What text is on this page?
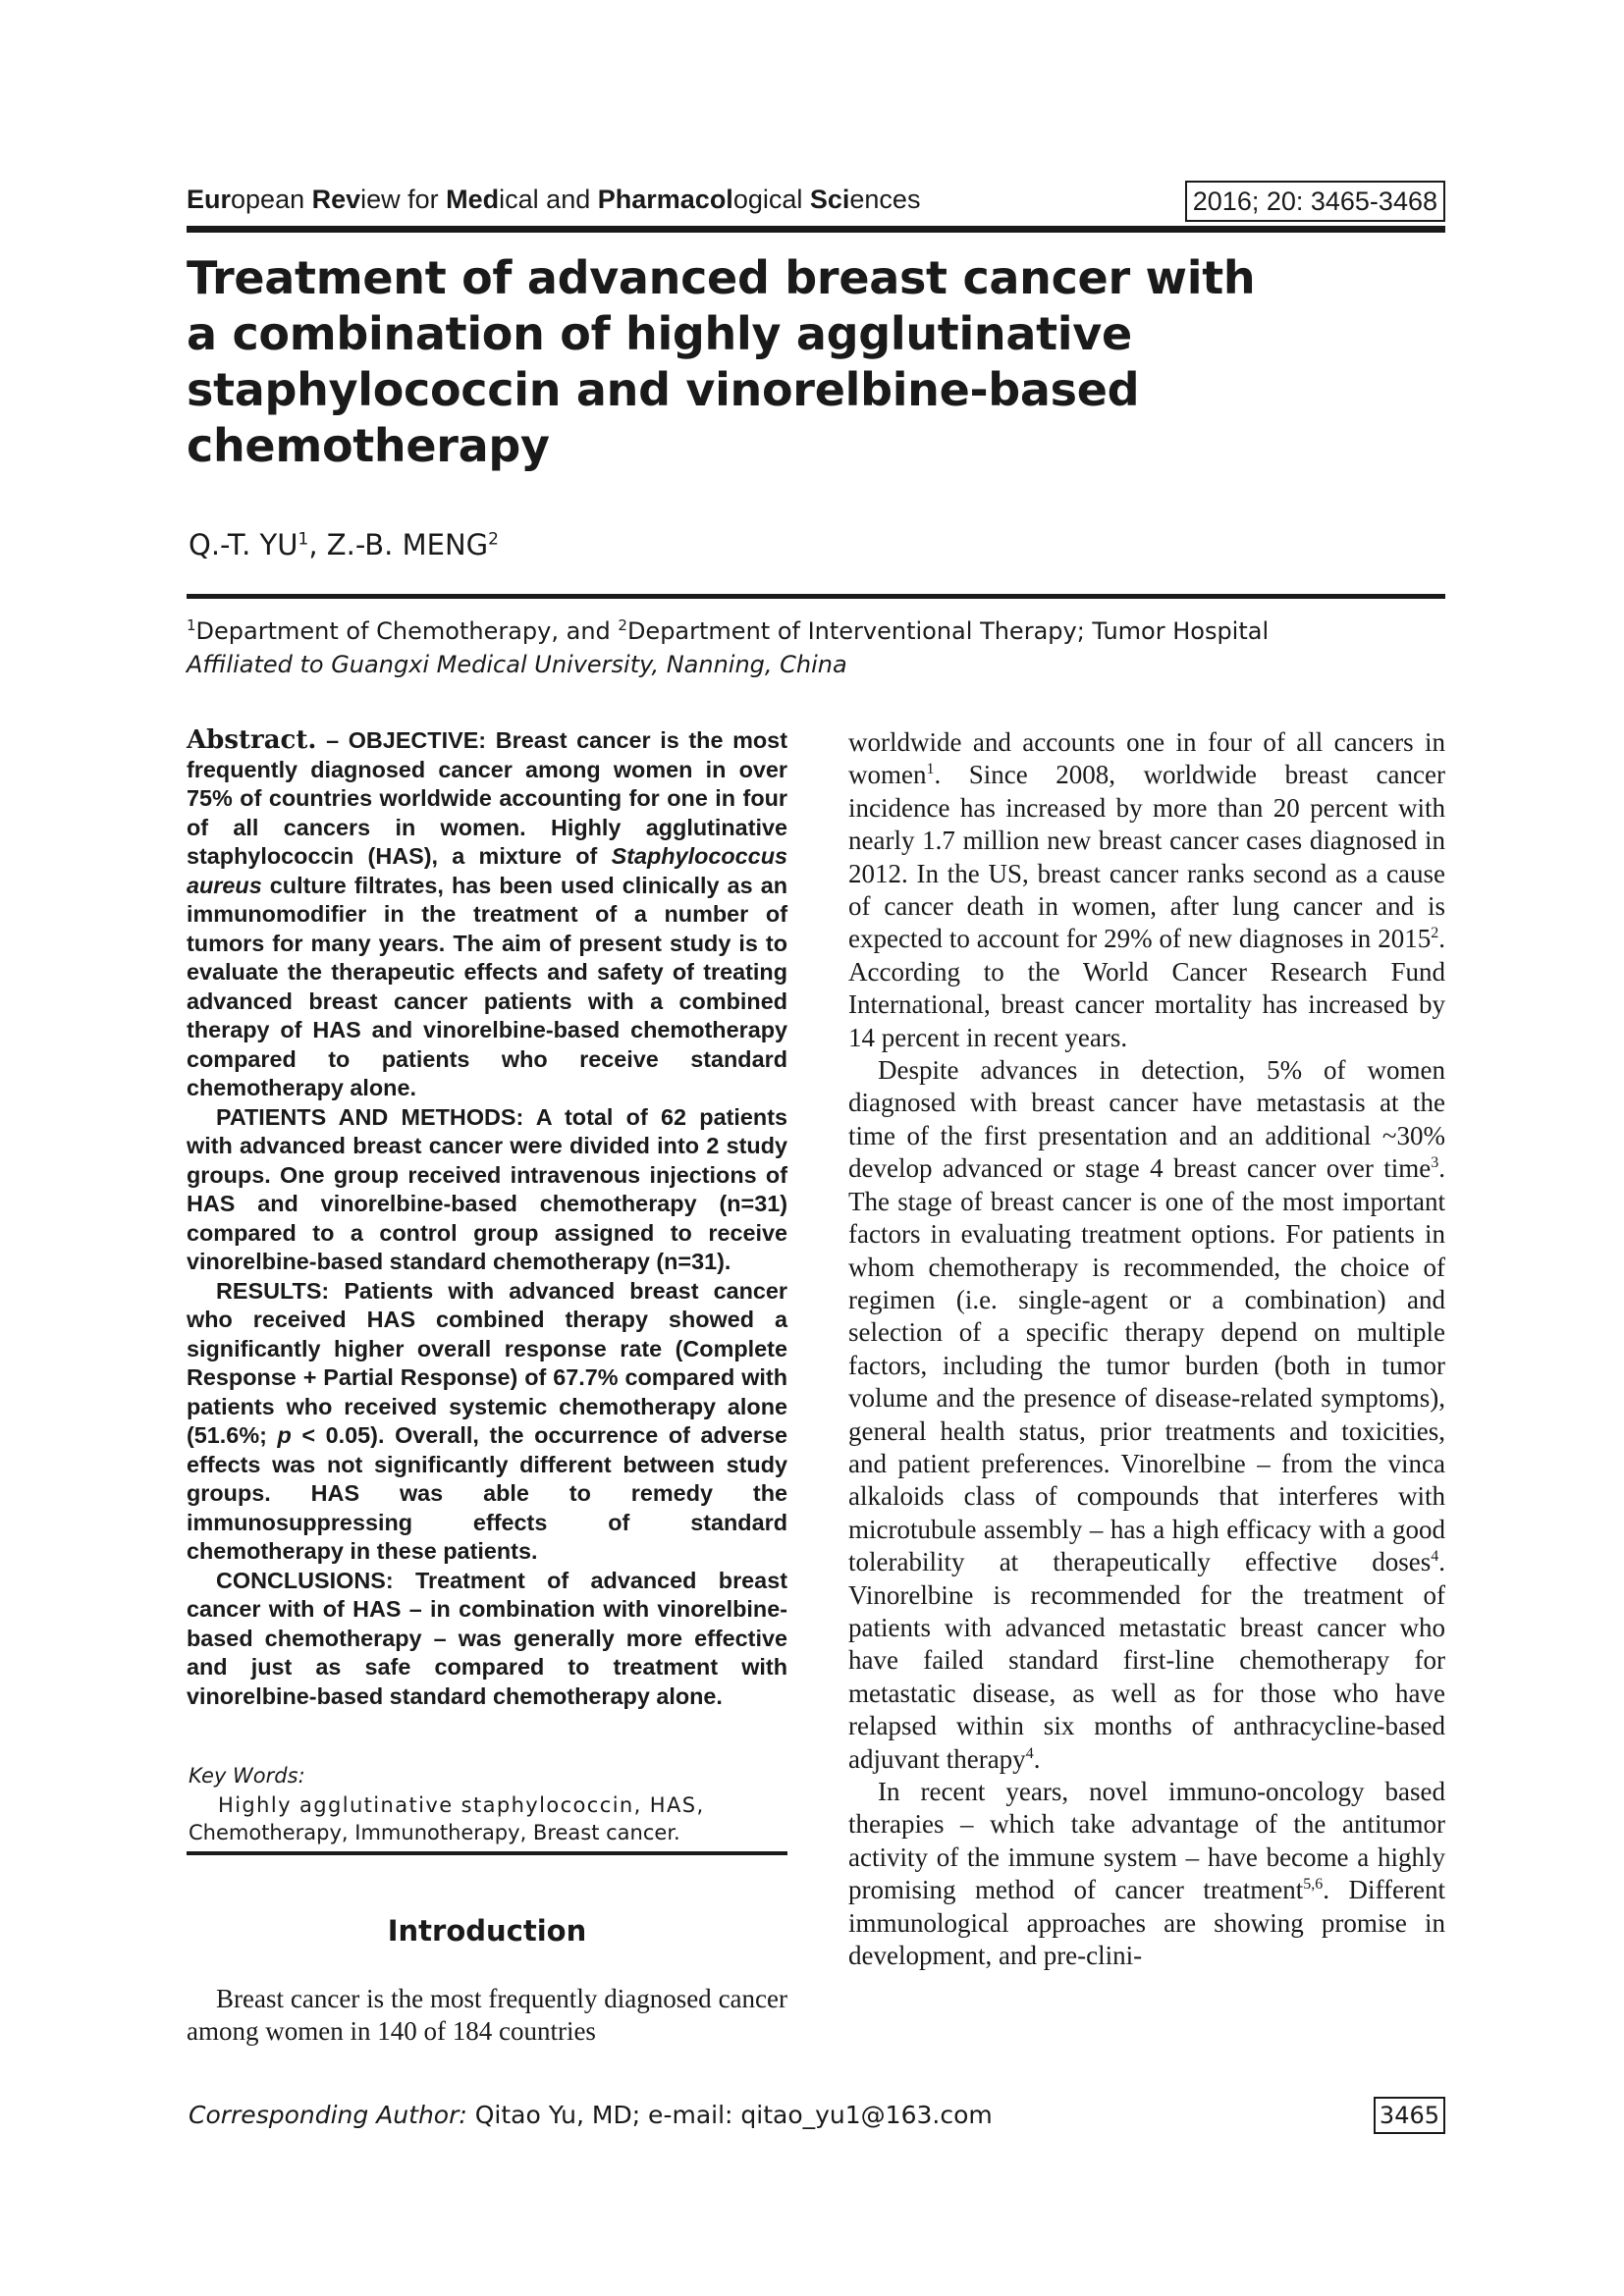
European Review for Medical and Pharmacological Sciences	2016; 20: 3465-3468
Treatment of advanced breast cancer with
a combination of highly agglutinative
staphylococcin and vinorelbine-based
chemotherapy
Q.-T. $YU^1$, Z.-B. MENG$^2$
$^1$Department of Chemotherapy, and $^2$Department of Interventional Therapy; Tumor Hospital
Affiliated to Guangxi Medical University, Nanning, China

Abstract. – OBJECTIVE: Breast cancer is the most frequently diagnosed cancer among women in over 75% of countries worldwide accounting for one in four of all cancers in women. Highly agglutinative staphylococcin (HAS), a mixture of Staphylococcus aureus culture filtrates, has been used clinically as an immunomodifier in the treatment of a number of tumors for many years. The aim of present study is to evaluate the therapeutic effects and safety of treating advanced breast cancer patients with a combined therapy of HAS and vinorelbine-based chemotherapy compared to patients who receive standard chemotherapy alone.

PATIENTS AND METHODS: A total of 62 patients with advanced breast cancer were divided into 2 study groups. One group received intravenous injections of HAS and vinorelbine-based chemotherapy (n=31) compared to a control group assigned to receive vinorelbine-based standard chemotherapy (n=31).

RESULTS: Patients with advanced breast cancer who received HAS combined therapy showed a significantly higher overall response rate (Complete Response + Partial Response) of 67.7% compared with patients who received systemic chemotherapy alone (51.6%; p < 0.05). Overall, the occurrence of adverse effects was not significantly different between study groups. HAS was able to remedy the immunosuppressing effects of standard chemotherapy in these patients.

CONCLUSIONS: Treatment of advanced breast cancer with of HAS – in combination with vinorelbine-based chemotherapy – was generally more effective and just as safe compared to treatment with vinorelbine-based standard chemotherapy alone.

Key Words:
Highly agglutinative staphylococcin, HAS,
Chemotherapy, Immunotherapy, Breast cancer.
Introduction

Breast cancer is the most frequently diagnosed cancer among women in 140 of 184 countries

worldwide and accounts one in four of all cancers in women$^1$. Since 2008, worldwide breast cancer incidence has increased by more than 20 percent with nearly 1.7 million new breast cancer cases diagnosed in 2012. In the US, breast cancer ranks second as a cause of cancer death in women, after lung cancer and is expected to account for 29% of new diagnoses in 2015$^2$. According to the World Cancer Research Fund International, breast cancer mortality has increased by 14 percent in recent years.

Despite advances in detection, 5% of women diagnosed with breast cancer have metastasis at the time of the first presentation and an additional ~30% develop advanced or stage 4 breast cancer over time$^3$. The stage of breast cancer is one of the most important factors in evaluating treatment options. For patients in whom chemotherapy is recommended, the choice of regimen (i.e. single-agent or a combination) and selection of a specific therapy depend on multiple factors, including the tumor burden (both in tumor volume and the presence of disease-related symptoms), general health status, prior treatments and toxicities, and patient preferences. Vinorelbine – from the vinca alkaloids class of compounds that interferes with microtubule assembly – has a high efficacy with a good tolerability at therapeutically effective doses$^4$. Vinorelbine is recommended for the treatment of patients with advanced metastatic breast cancer who have failed standard first-line chemotherapy for metastatic disease, as well as for those who have relapsed within six months of anthracycline-based adjuvant therapy$^4$.

In recent years, novel immuno-oncology based therapies – which take advantage of the antitumor activity of the immune system – have become a highly promising method of cancer treatment$^{5,6}$. Different immunological approaches are showing promise in development, and pre-clini-

Corresponding Author: Qitao Yu, MD; e-mail: qitao_yu1@163.com	3465
